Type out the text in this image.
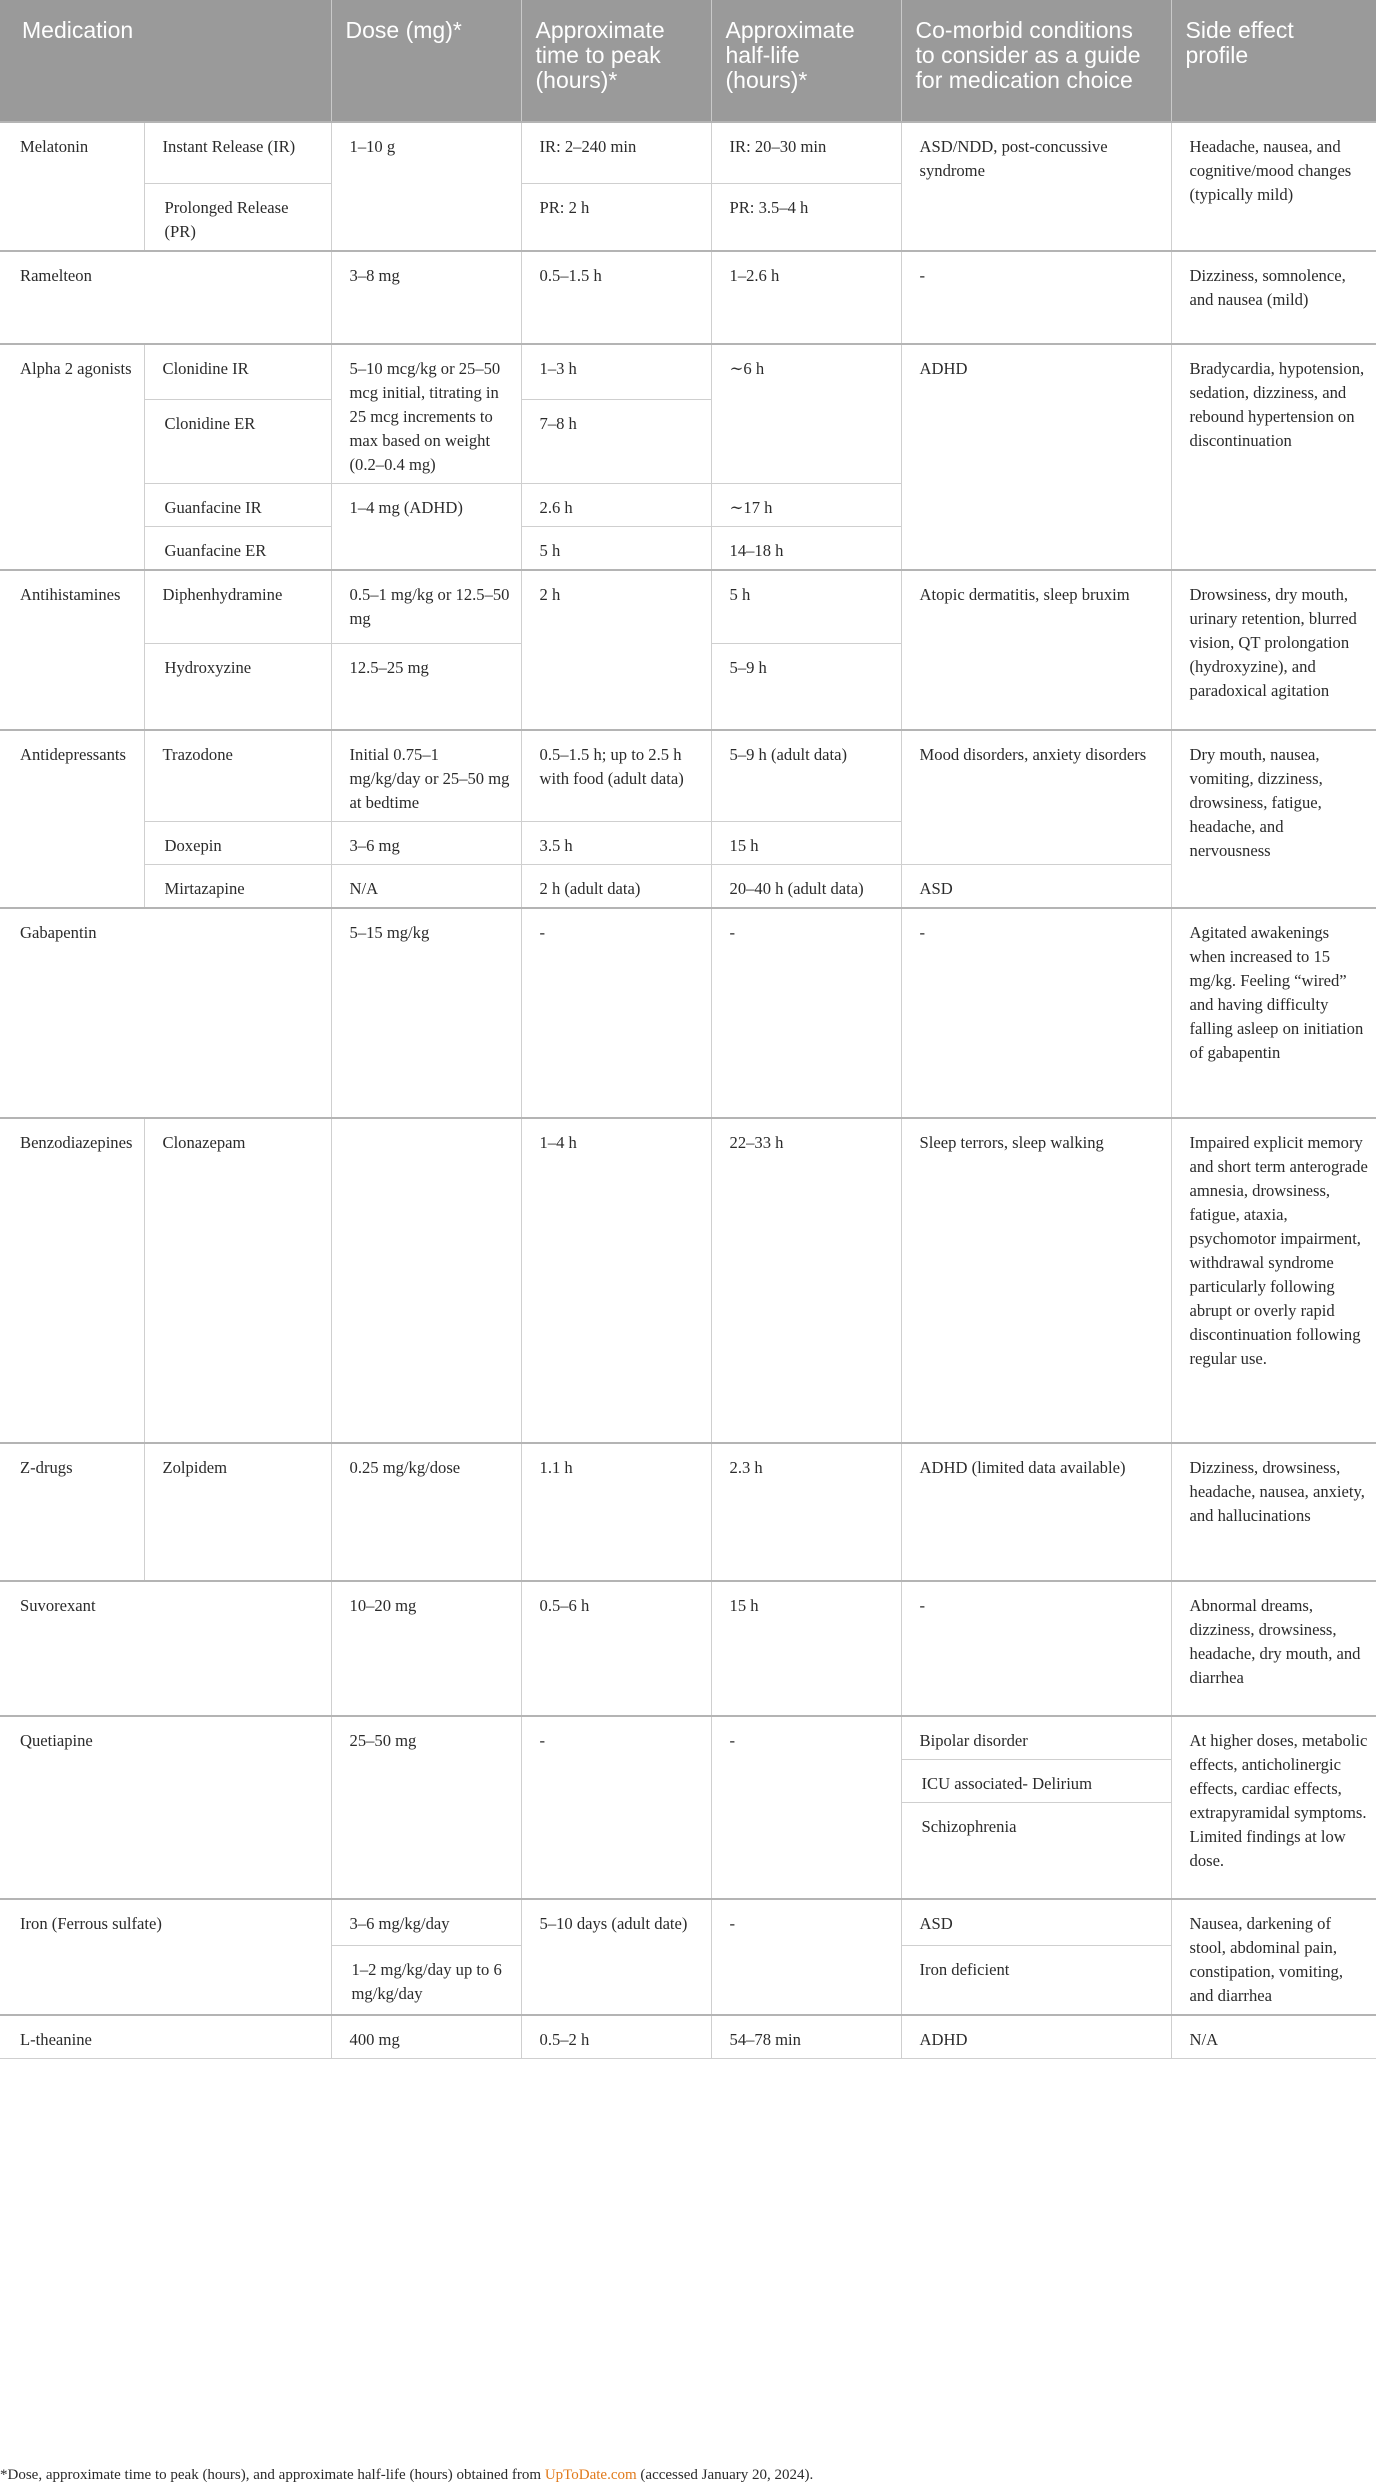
Medication		Dose (mg)*	Approximate time to peak (hours)*	Approximate half-life (hours)*	Co-morbid conditions to consider as a guide for medication choice	Side effect profile
Melatonin	Instant Release (IR)	1–10 g	IR: 2–240 min	IR: 20–30 min	ASD/NDD, post-concussive syndrome	Headache, nausea, and cognitive/mood changes (typically mild)
	Prolonged Release (PR)		PR: 2 h	PR: 3.5–4 h		
Ramelteon		3–8 mg	0.5–1.5 h	1–2.6 h	-	Dizziness, somnolence, and nausea (mild)
Alpha 2 agonists	Clonidine IR	5–10 mcg/kg or 25–50 mcg initial, titrating in 25 mcg increments to max based on weight (0.2–0.4 mg)	1–3 h	∼6 h	ADHD	Bradycardia, hypotension, sedation, dizziness, and rebound hypertension on discontinuation
	Clonidine ER		7–8 h			
	Guanfacine IR	1–4 mg (ADHD)	2.6 h	∼17 h		
	Guanfacine ER		5 h	14–18 h		
Antihistamines	Diphenhydramine	0.5–1 mg/kg or 12.5–50 mg	2 h	5 h	Atopic dermatitis, sleep bruxim	Drowsiness, dry mouth, urinary retention, blurred vision, QT prolongation (hydroxyzine), and paradoxical agitation
	Hydroxyzine	12.5–25 mg		5–9 h		
Antidepressants	Trazodone	Initial 0.75–1 mg/kg/day or 25–50 mg at bedtime	0.5–1.5 h; up to 2.5 h with food (adult data)	5–9 h (adult data)	Mood disorders, anxiety disorders	Dry mouth, nausea, vomiting, dizziness, drowsiness, fatigue, headache, and nervousness
	Doxepin	3–6 mg	3.5 h	15 h		
	Mirtazapine	N/A	2 h (adult data)	20–40 h (adult data)	ASD	
Gabapentin		5–15 mg/kg	-	-	-	Agitated awakenings when increased to 15 mg/kg. Feeling “wired” and having difficulty falling asleep on initiation of gabapentin
Benzodiazepines	Clonazepam		1–4 h	22–33 h	Sleep terrors, sleep walking	Impaired explicit memory and short term anterograde amnesia, drowsiness, fatigue, ataxia, psychomotor impairment, withdrawal syndrome particularly following abrupt or overly rapid discontinuation following regular use.
Z-drugs	Zolpidem	0.25 mg/kg/dose	1.1 h	2.3 h	ADHD (limited data available)	Dizziness, drowsiness, headache, nausea, anxiety, and hallucinations
Suvorexant		10–20 mg	0.5–6 h	15 h	-	Abnormal dreams, dizziness, drowsiness, headache, dry mouth, and diarrhea
Quetiapine		25–50 mg	-	-	Bipolar disorder	At higher doses, metabolic effects, anticholinergic effects, cardiac effects, extrapyramidal symptoms. Limited findings at low dose.
					ICU associated- Delirium	
					Schizophrenia	
Iron (Ferrous sulfate)		3–6 mg/kg/day	5–10 days (adult date)	-	ASD	Nausea, darkening of stool, abdominal pain, constipation, vomiting, and diarrhea
		1–2 mg/kg/day up to 6 mg/kg/day			Iron deficient	
L-theanine		400 mg	0.5–2 h	54–78 min	ADHD	N/A
*Dose, approximate time to peak (hours), and approximate half-life (hours) obtained from UpToDate.com (accessed January 20, 2024).
